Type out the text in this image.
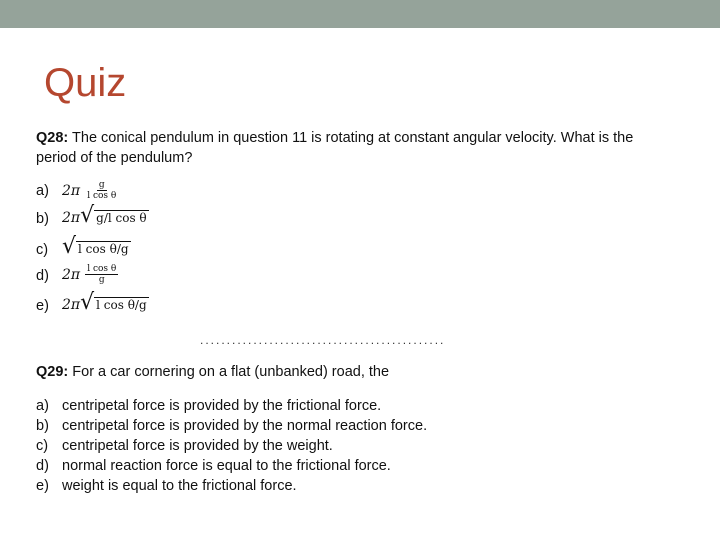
Quiz
Q28: The conical pendulum in question 11 is rotating at constant angular velocity. What is the period of the pendulum?
a) $2\pi \frac{g}{\text{l cos θ}}$
b) 2π√ g/l cos θ
c) √ l cos θ/g
d) $2\pi \frac{\text{l cos θ}}{g}$
e) 2π√ l cos θ/g
..............................................
Q29: For a car cornering on a flat (unbanked) road, the
a) centripetal force is provided by the frictional force.
b) centripetal force is provided by the normal reaction force.
c) centripetal force is provided by the weight.
d) normal reaction force is equal to the frictional force.
e) weight is equal to the frictional force.
